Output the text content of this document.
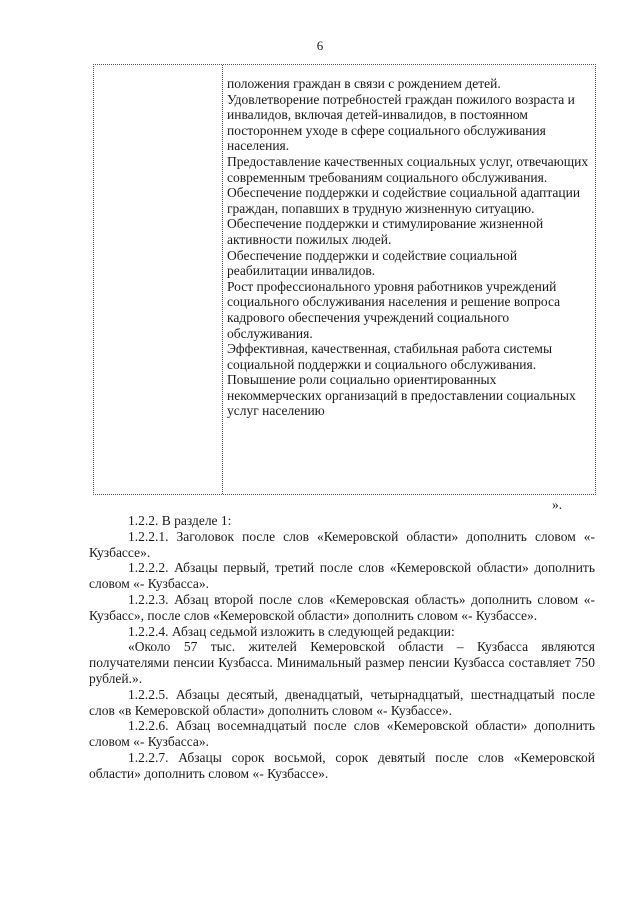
6

положения граждан в связи с рождением детей.

Удовлетворение потребностей граждан пожилого возраста и инвалидов, включая детей-инвалидов, в постоянном постороннем уходе в сфере социального обслуживания населения.

Предоставление качественных социальных услуг, отвечающих современным требованиям социального обслуживания.

Обеспечение поддержки и содействие социальной адаптации граждан, попавших в трудную жизненную ситуацию.

Обеспечение поддержки и стимулирование жизненной активности пожилых людей.

Обеспечение поддержки и содействие социальной реабилитации инвалидов.

Рост профессионального уровня работников учреждений социального обслуживания населения и решение вопроса кадрового обеспечения учреждений социального обслуживания.

Эффективная, качественная, стабильная работа системы социальной поддержки и социального обслуживания.

Повышение роли социально ориентированных некоммерческих организаций в предоставлении социальных услуг населению

».

1.2.2. В разделе 1:

1.2.2.1. Заголовок после слов «Кемеровской области» дополнить словом «- Кузбассе».

1.2.2.2. Абзацы первый, третий после слов «Кемеровской области» дополнить словом «- Кузбасса».

1.2.2.3. Абзац второй после слов «Кемеровская область» дополнить словом «- Кузбасс», после слов «Кемеровской области» дополнить словом «- Кузбассе».

1.2.2.4. Абзац седьмой изложить в следующей редакции:

«Около 57 тыс. жителей Кемеровской области – Кузбасса являются получателями пенсии Кузбасса. Минимальный размер пенсии Кузбасса составляет 750 рублей.».

1.2.2.5. Абзацы десятый, двенадцатый, четырнадцатый, шестнадцатый после слов «в Кемеровской области» дополнить словом «- Кузбассе».

1.2.2.6. Абзац восемнадцатый после слов «Кемеровской области» дополнить словом «- Кузбасса».

1.2.2.7. Абзацы сорок восьмой, сорок девятый после слов «Кемеровской области» дополнить словом «- Кузбассе».
